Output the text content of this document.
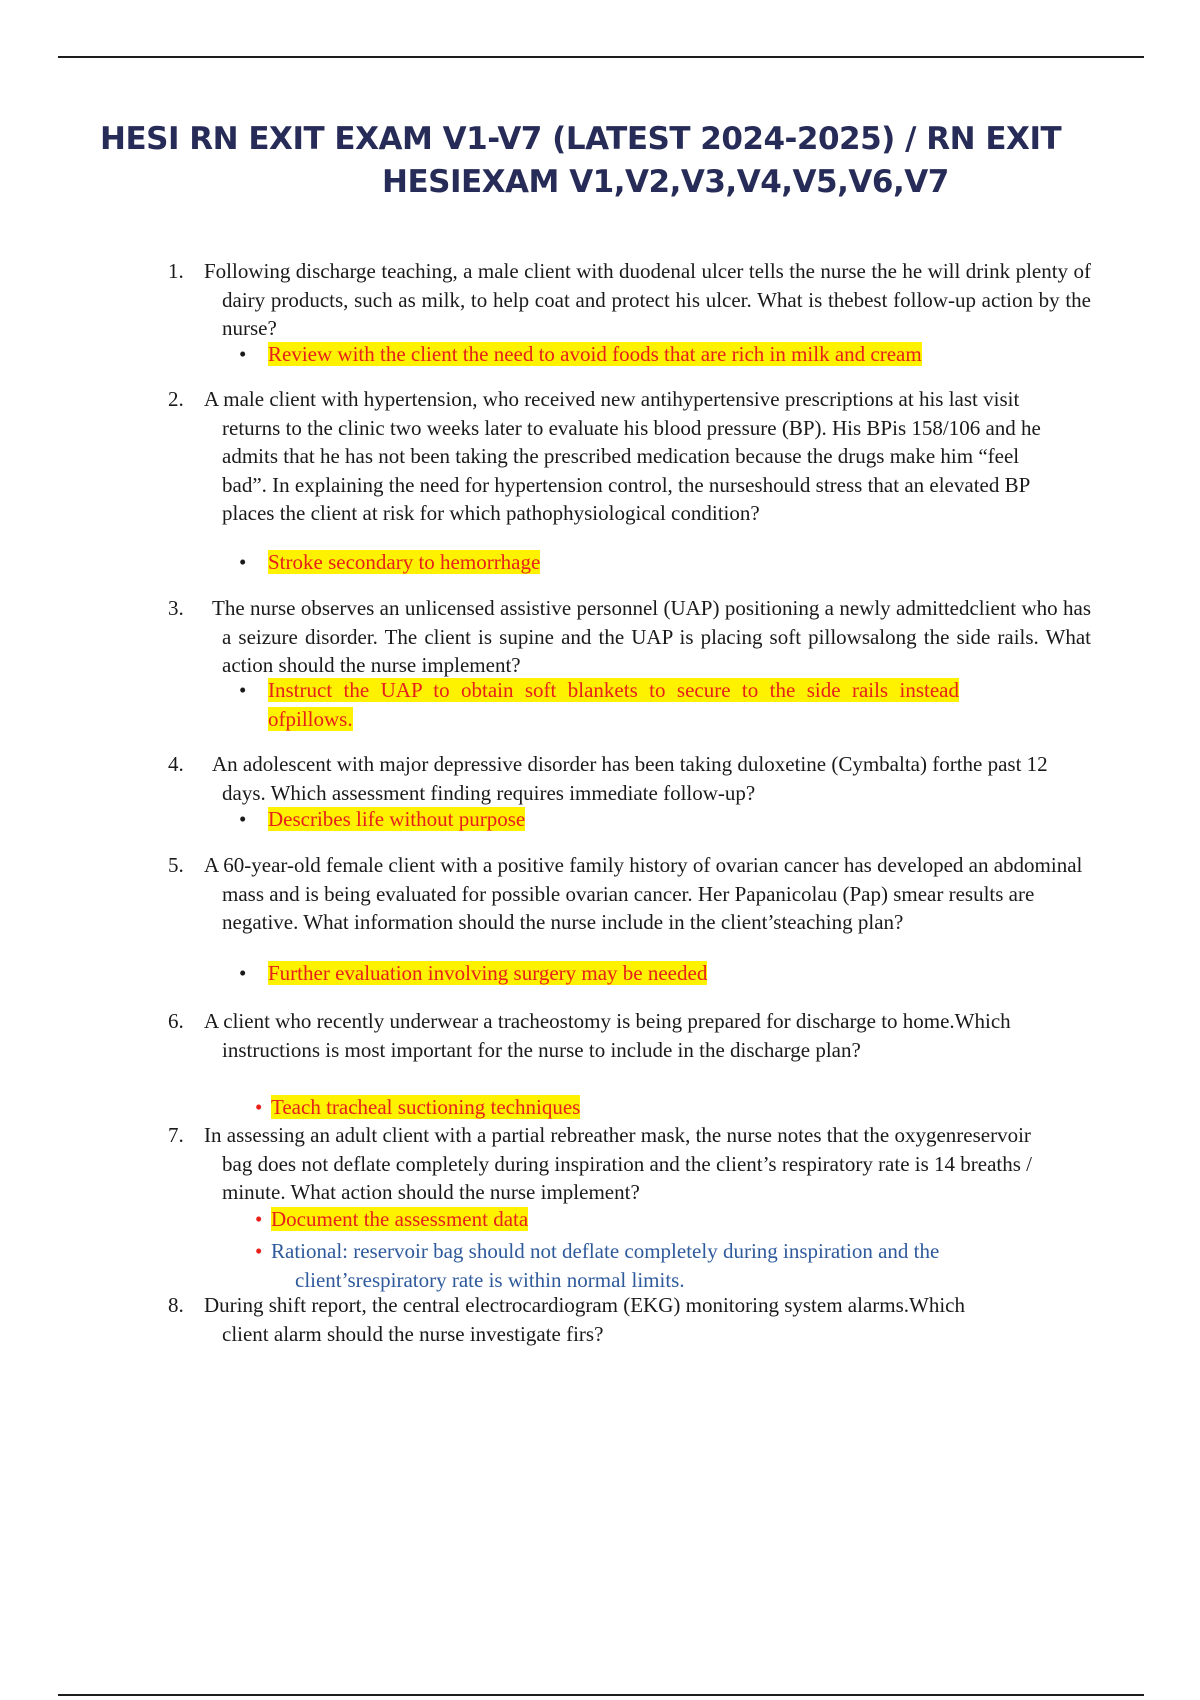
HESI RN EXIT EXAM V1-V7 (LATEST 2024-2025) / RN EXIT
HESIEXAM V1,V2,V3,V4,V5,V6,V7
1. Following discharge teaching, a male client with duodenal ulcer tells the nurse the he will drink plenty of dairy products, such as milk, to help coat and protect his ulcer. What is thebest follow-up action by the nurse?
• Review with the client the need to avoid foods that are rich in milk and cream
2. A male client with hypertension, who received new antihypertensive prescriptions at his last visit returns to the clinic two weeks later to evaluate his blood pressure (BP). His BPis 158/106 and he admits that he has not been taking the prescribed medication because the drugs make him “feel bad”. In explaining the need for hypertension control, the nurseshould stress that an elevated BP places the client at risk for which pathophysiological condition?
• Stroke secondary to hemorrhage
3. The nurse observes an unlicensed assistive personnel (UAP) positioning a newly admittedclient who has a seizure disorder. The client is supine and the UAP is placing soft pillowsalong the side rails. What action should the nurse implement?
• Instruct the UAP to obtain soft blankets to secure to the side rails instead ofpillows.
4. An adolescent with major depressive disorder has been taking duloxetine (Cymbalta) forthe past 12 days. Which assessment finding requires immediate follow-up?
• Describes life without purpose
5. A 60-year-old female client with a positive family history of ovarian cancer has developed an abdominal mass and is being evaluated for possible ovarian cancer. Her Papanicolau (Pap) smear results are negative. What information should the nurse include in the client’steaching plan?
• Further evaluation involving surgery may be needed
6. A client who recently underwear a tracheostomy is being prepared for discharge to home.Which instructions is most important for the nurse to include in the discharge plan?
• Teach tracheal suctioning techniques
7. In assessing an adult client with a partial rebreather mask, the nurse notes that the oxygenreservoir bag does not deflate completely during inspiration and the client’s respiratory rate is 14 breaths / minute. What action should the nurse implement?
• Document the assessment data
• Rational: reservoir bag should not deflate completely during inspiration and the client’srespiratory rate is within normal limits.
8. During shift report, the central electrocardiogram (EKG) monitoring system alarms.Which client alarm should the nurse investigate firs?
